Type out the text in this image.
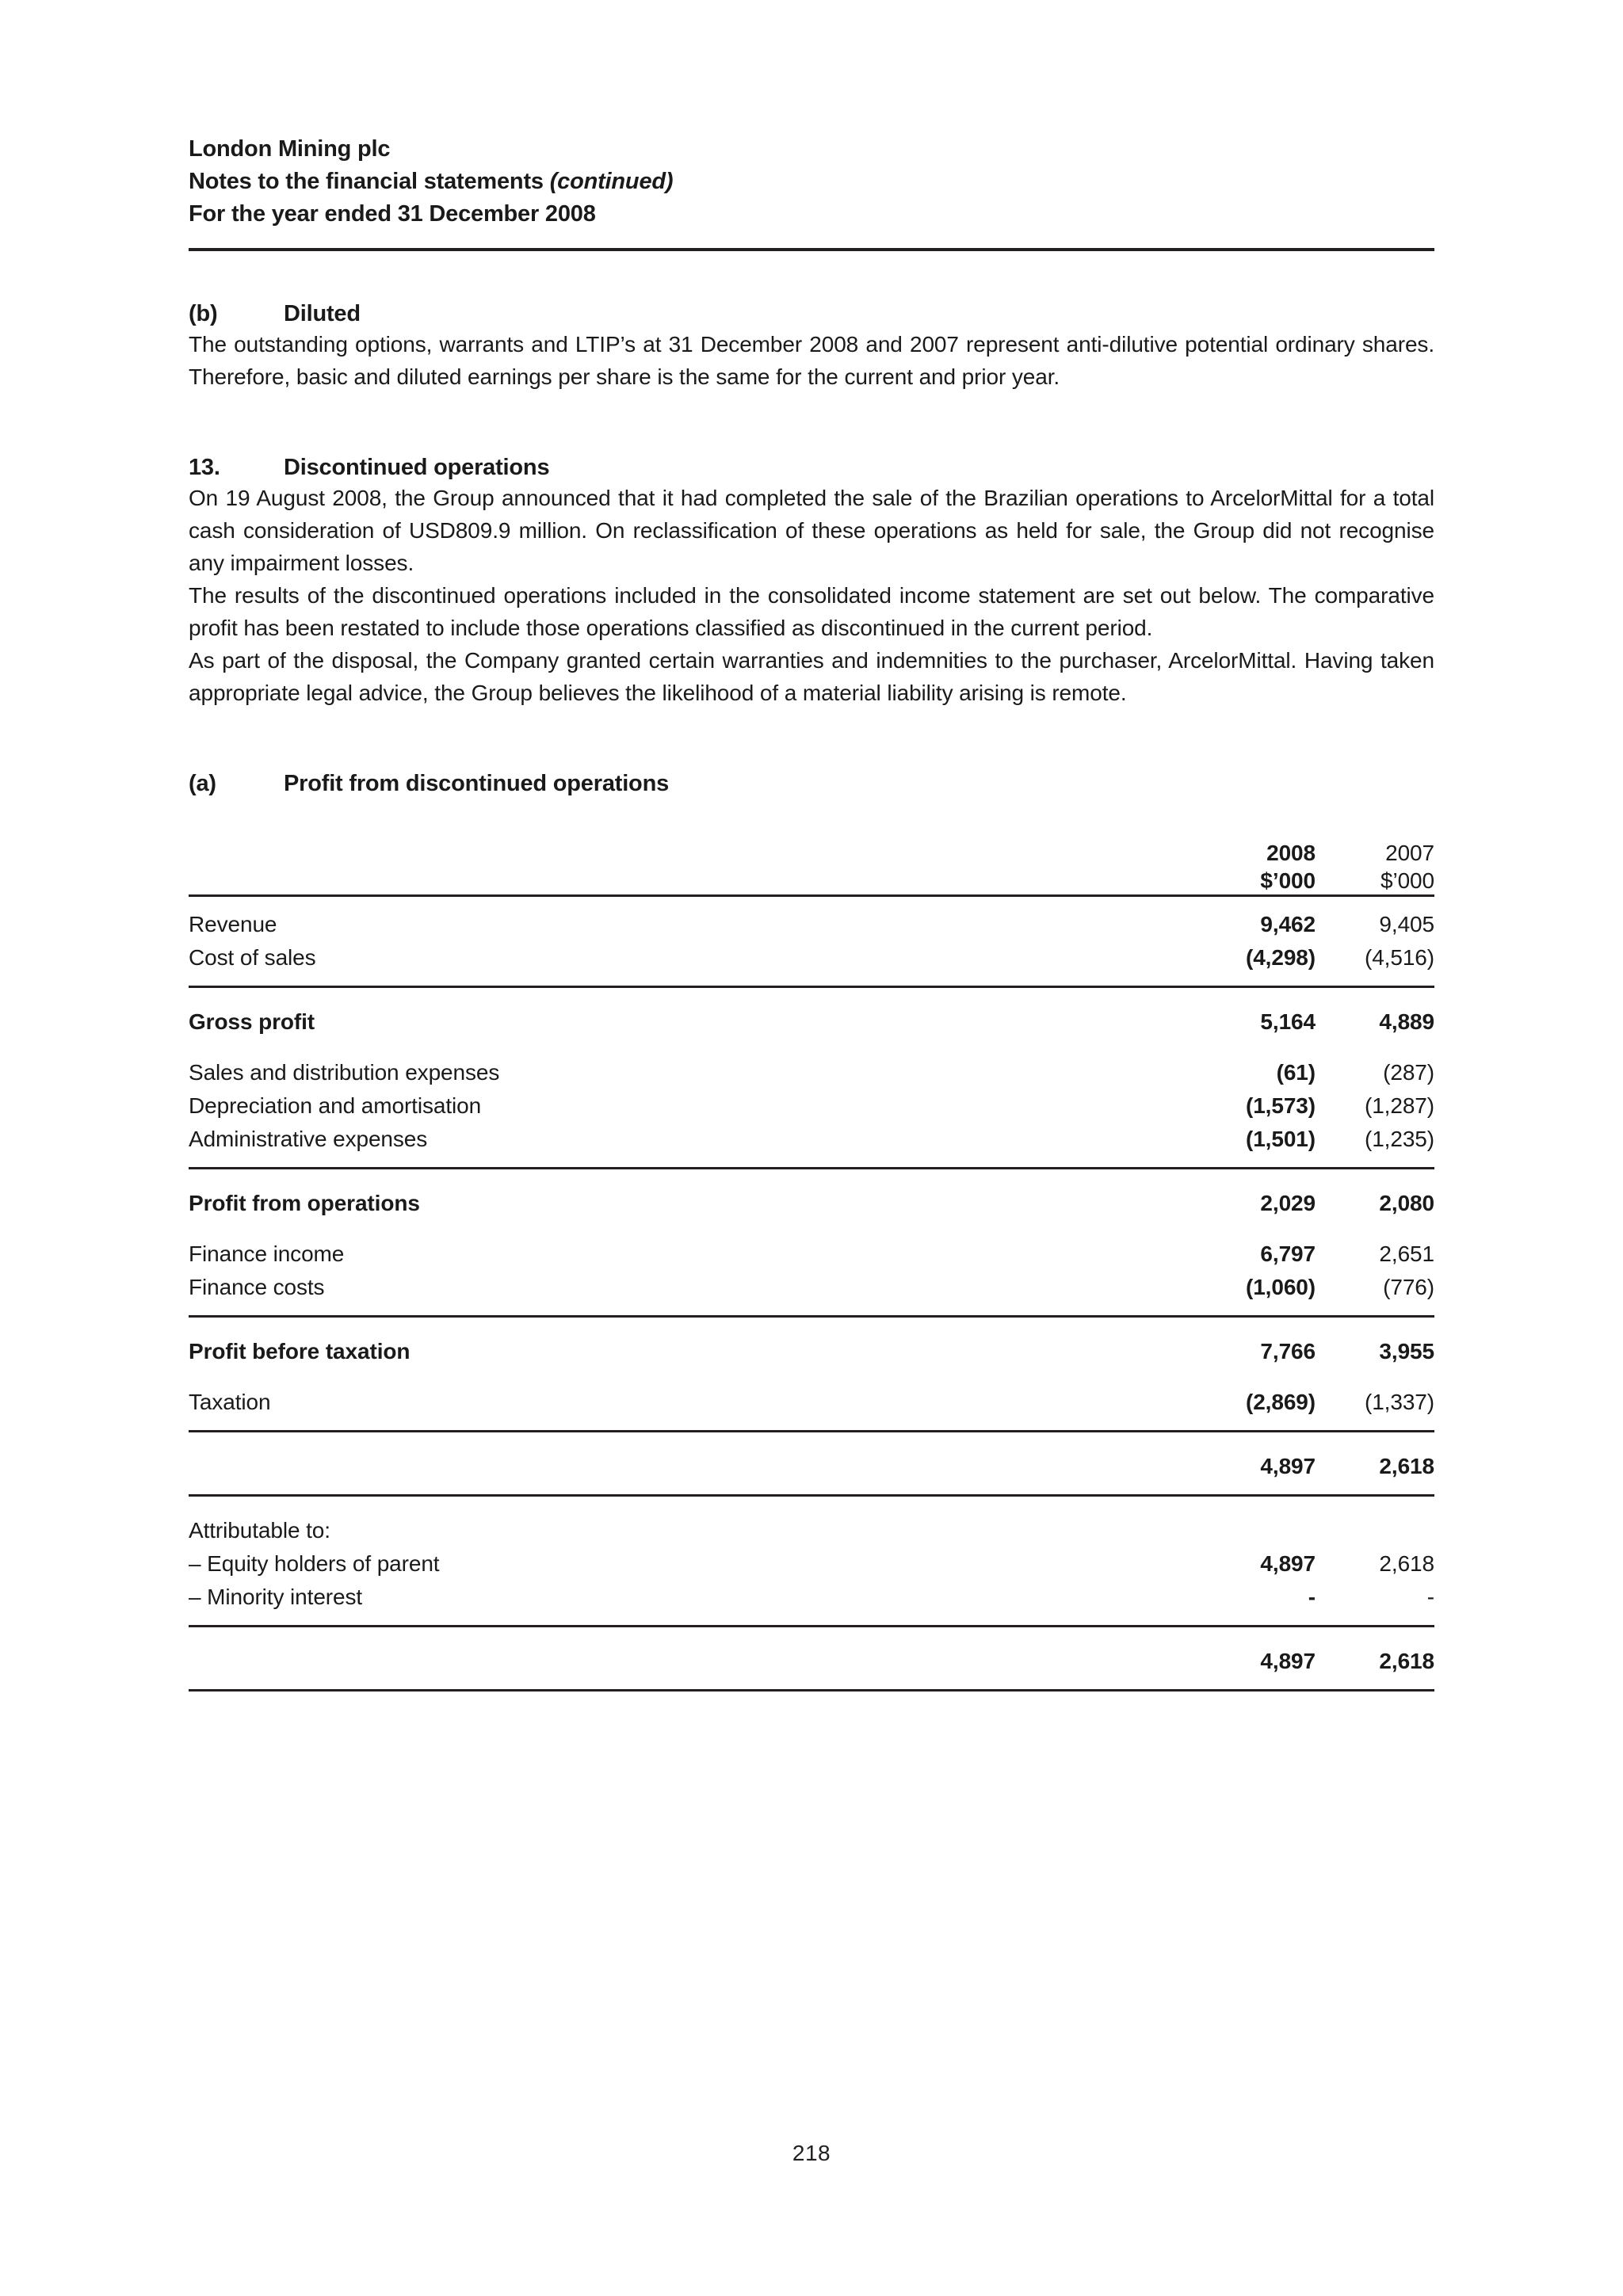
London Mining plc
Notes to the financial statements (continued)
For the year ended 31 December 2008
(b)	Diluted

The outstanding options, warrants and LTIP’s at 31 December 2008 and 2007 represent anti-dilutive potential ordinary shares. Therefore, basic and diluted earnings per share is the same for the current and prior year.

13.	Discontinued operations

On 19 August 2008, the Group announced that it had completed the sale of the Brazilian operations to ArcelorMittal for a total cash consideration of USD809.9 million. On reclassification of these operations as held for sale, the Group did not recognise any impairment losses.

The results of the discontinued operations included in the consolidated income statement are set out below. The comparative profit has been restated to include those operations classified as discontinued in the current period.

As part of the disposal, the Company granted certain warranties and indemnities to the purchaser, ArcelorMittal. Having taken appropriate legal advice, the Group believes the likelihood of a material liability arising is remote.

(a)	Profit from discontinued operations
	2008	2007
	$’000	$’000

Revenue	9,462	9,405
Cost of sales	(4,298)	(4,516)

Gross profit	5,164	4,889

Sales and distribution expenses	(61)	(287)
Depreciation and amortisation	(1,573)	(1,287)
Administrative expenses	(1,501)	(1,235)

Profit from operations	2,029	2,080

Finance income	6,797	2,651
Finance costs	(1,060)	(776)

Profit before taxation	7,766	3,955

Taxation	(2,869)	(1,337)

	4,897	2,618

Attributable to:		
– Equity holders of parent	4,897	2,618
– Minority interest	-	-

	4,897	2,618

218
